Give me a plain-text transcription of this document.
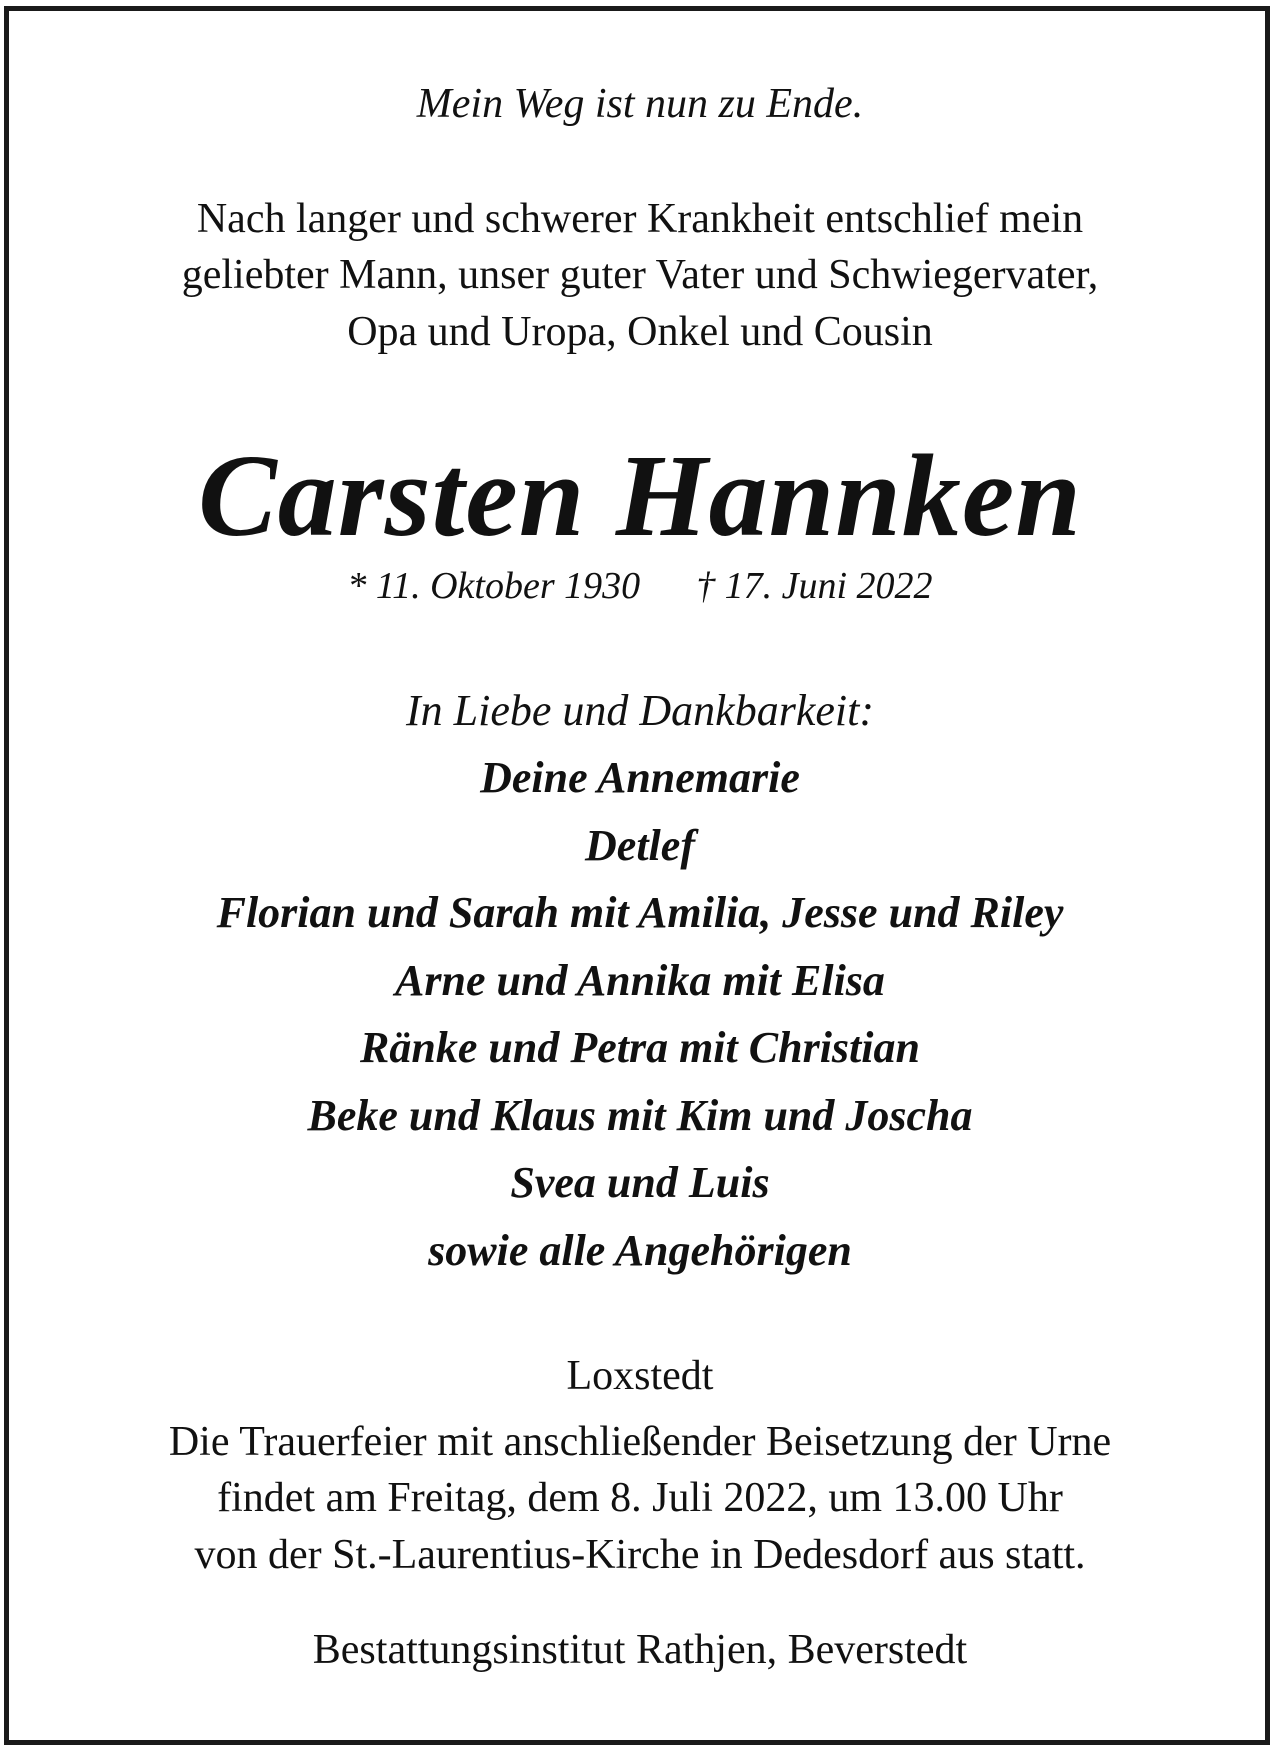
Mein Weg ist nun zu Ende.
Nach langer und schwerer Krankheit entschlief mein
geliebter Mann, unser guter Vater und Schwiegervater,
Opa und Uropa, Onkel und Cousin
Carsten Hannken
* 11. Oktober 1930 † 17. Juni 2022
In Liebe und Dankbarkeit:
Deine Annemarie
Detlef
Florian und Sarah mit Amilia, Jesse und Riley
Arne und Annika mit Elisa
Ränke und Petra mit Christian
Beke und Klaus mit Kim und Joscha
Svea und Luis
sowie alle Angehörigen
Loxstedt
Die Trauerfeier mit anschließender Beisetzung der Urne
findet am Freitag, dem 8. Juli 2022, um 13.00 Uhr
von der St.-Laurentius-Kirche in Dedesdorf aus statt.
Bestattungsinstitut Rathjen, Beverstedt
